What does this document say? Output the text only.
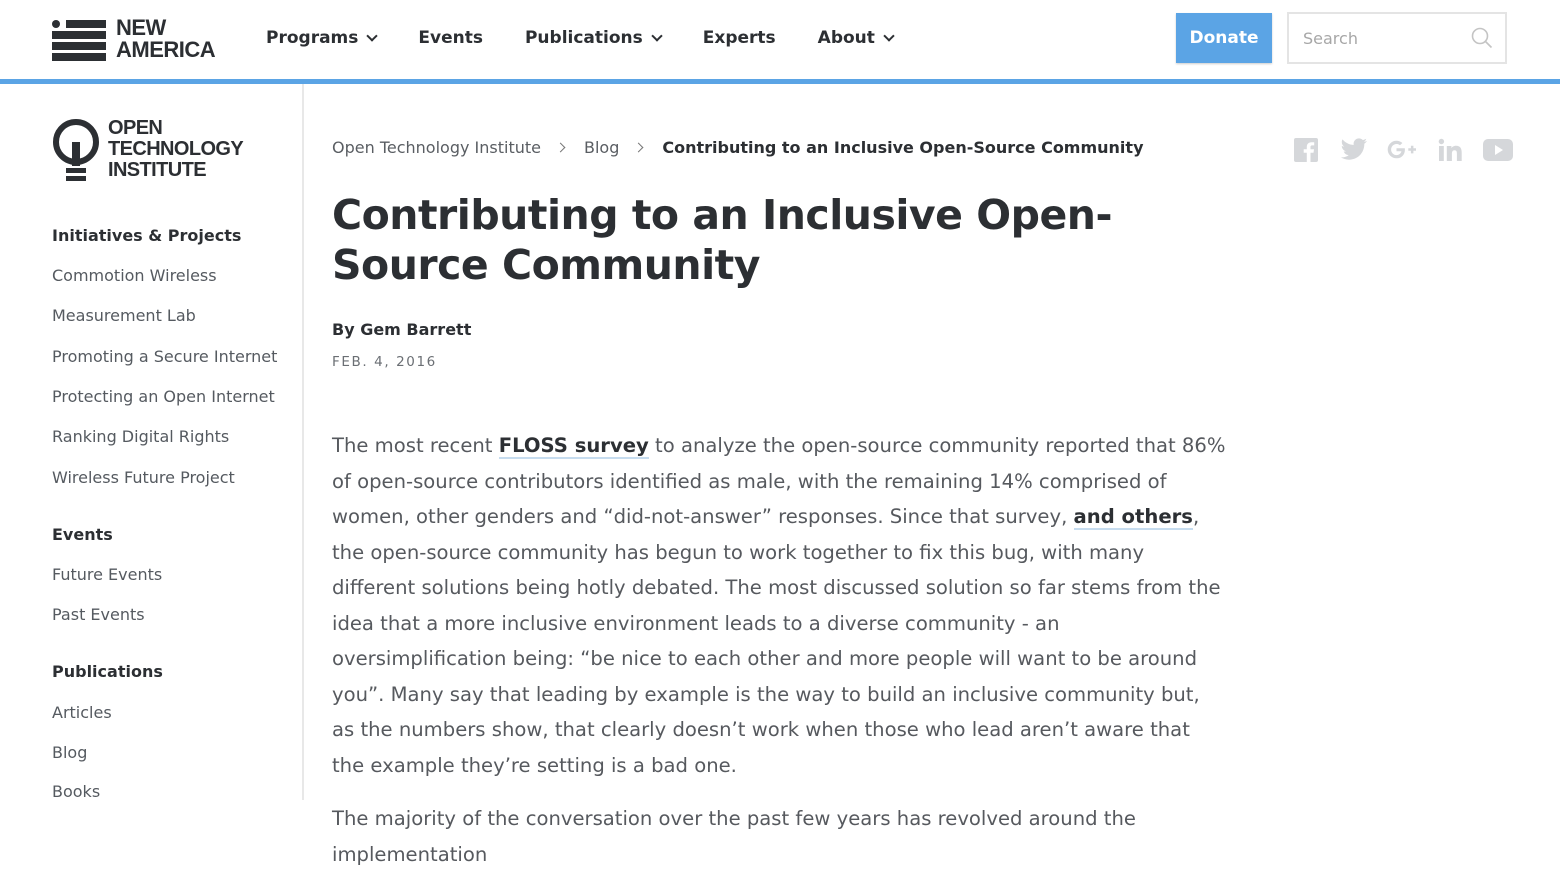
NEW
AMERICA	Programs	Events Publications	Experts About	Donate
Search
OPEN
TECHNOLOGY
INSTITUTE
Initiatives & Projects
Commotion Wireless
Measurement Lab
Promoting a Secure Internet
Protecting an Open Internet
Ranking Digital Rights
Wireless Future Project
Events
Future Events
Past Events
Publications
Articles
Blog
Books
Open Technology Institute	Blog	Contributing to an Inclusive Open-Source Community
Contributing to an Inclusive Open-Source Community
By Gem Barrett
FEB. 4, 2016

The most recent FLOSS survey to analyze the open-source community reported that 86% of open-source contributors identified as male, with the remaining 14% comprised of women, other genders and “did-not-answer” responses. Since that survey, and others, the open-source community has begun to work together to fix this bug, with many different solutions being hotly debated. The most discussed solution so far stems from the idea that a more inclusive environment leads to a diverse community - an oversimplification being: “be nice to each other and more people will want to be around you”. Many say that leading by example is the way to build an inclusive community but, as the numbers show, that clearly doesn’t work when those who lead aren’t aware that the example they’re setting is a bad one.

The majority of the conversation over the past few years has revolved around the implementation
